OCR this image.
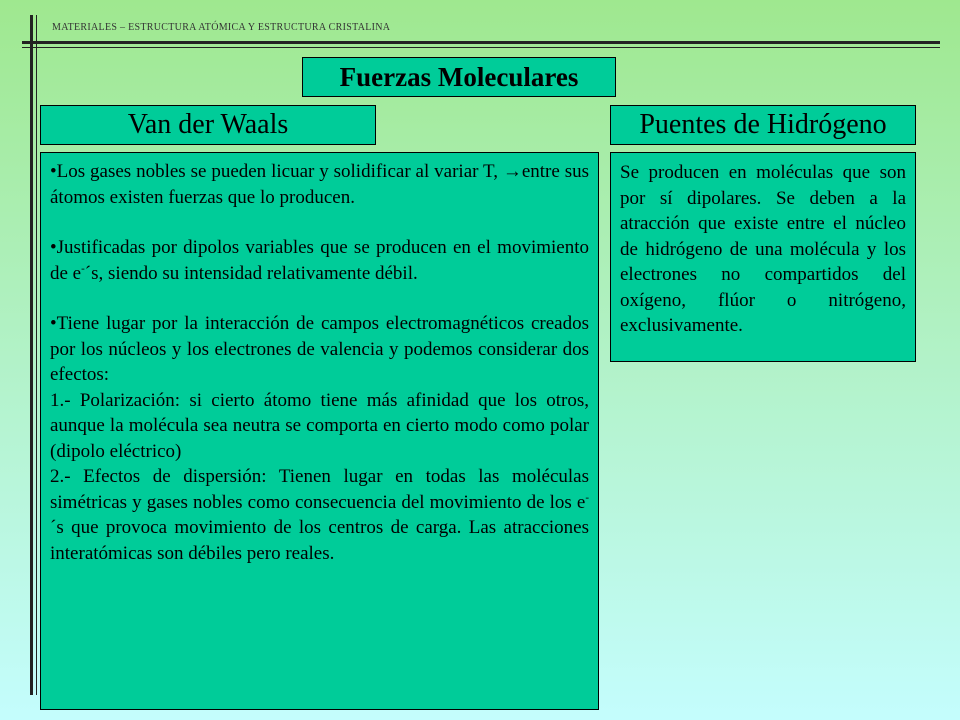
MATERIALES – ESTRUCTURA ATÓMICA Y ESTRUCTURA CRISTALINA
Fuerzas Moleculares
Van der Waals	Puentes de Hidrógeno

•Los gases nobles se pueden licuar y solidificar al variar T, →entre sus átomos existen fuerzas que lo producen.

•Justificadas por dipolos variables que se producen en el movimiento de e-´s, siendo su intensidad relativamente débil.

•Tiene lugar por la interacción de campos electromagnéticos creados por los núcleos y los electrones de valencia y podemos considerar dos efectos:

1.- Polarización: si cierto átomo tiene más afinidad que los otros, aunque la molécula sea neutra se comporta en cierto modo como polar (dipolo eléctrico)

2.- Efectos de dispersión: Tienen lugar en todas las moléculas simétricas y gases nobles como consecuencia del movimiento de los e-´s que provoca movimiento de los centros de carga. Las atracciones interatómicas son débiles pero reales.

Se producen en moléculas que son por sí dipolares. Se deben a la atracción que existe entre el núcleo de hidrógeno de una molécula y los electrones no compartidos del oxígeno, flúor o nitrógeno, exclusivamente.
